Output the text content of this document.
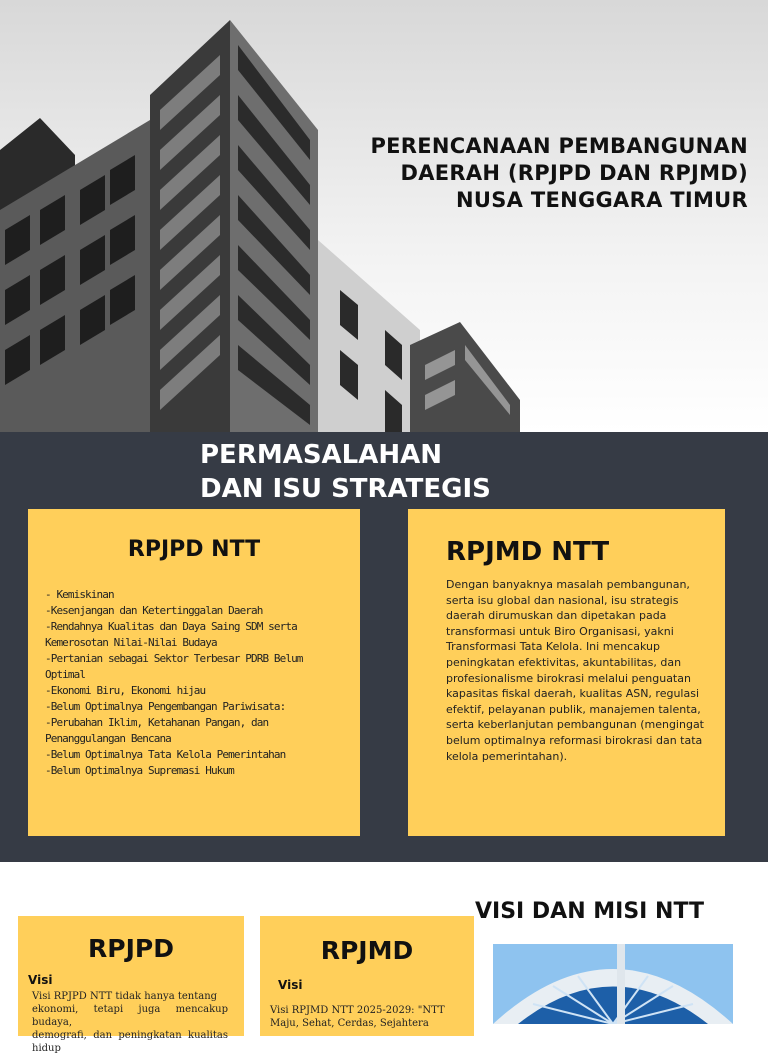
PERENCANAAN PEMBANGUNAN
DAERAH (RPJPD DAN RPJMD)
NUSA TENGGARA TIMUR
PERMASALAHAN
DAN ISU STRATEGIS
RPJPD NTT
- Kemiskinan
-Kesenjangan dan Ketertinggalan Daerah
-Rendahnya Kualitas dan Daya Saing SDM serta
Kemerosotan Nilai-Nilai Budaya
-Pertanian sebagai Sektor Terbesar PDRB Belum
Optimal
-Ekonomi Biru, Ekonomi hijau
-Belum Optimalnya Pengembangan Pariwisata:
-Perubahan Iklim, Ketahanan Pangan, dan
Penanggulangan Bencana
-Belum Optimalnya Tata Kelola Pemerintahan
-Belum Optimalnya Supremasi Hukum
RPJMD NTT
Dengan banyaknya masalah pembangunan,
serta isu global dan nasional, isu strategis
daerah dirumuskan dan dipetakan pada
transformasi untuk Biro Organisasi, yakni
Transformasi Tata Kelola. Ini mencakup
peningkatan efektivitas, akuntabilitas, dan
profesionalisme birokrasi melalui penguatan
kapasitas fiskal daerah, kualitas ASN, regulasi
efektif, pelayanan publik, manajemen talenta,
serta keberlanjutan pembangunan (mengingat
belum optimalnya reformasi birokrasi dan tata
kelola pemerintahan).
RPJPD
Visi
Visi RPJPD NTT tidak hanya tentang
ekonomi, tetapi juga mencakup budaya,
demografi, dan peningkatan kualitas hidup
RPJMD
Visi
Visi RPJMD NTT 2025-2029: "NTT
Maju, Sehat, Cerdas, Sejahtera
VISI DAN MISI NTT
